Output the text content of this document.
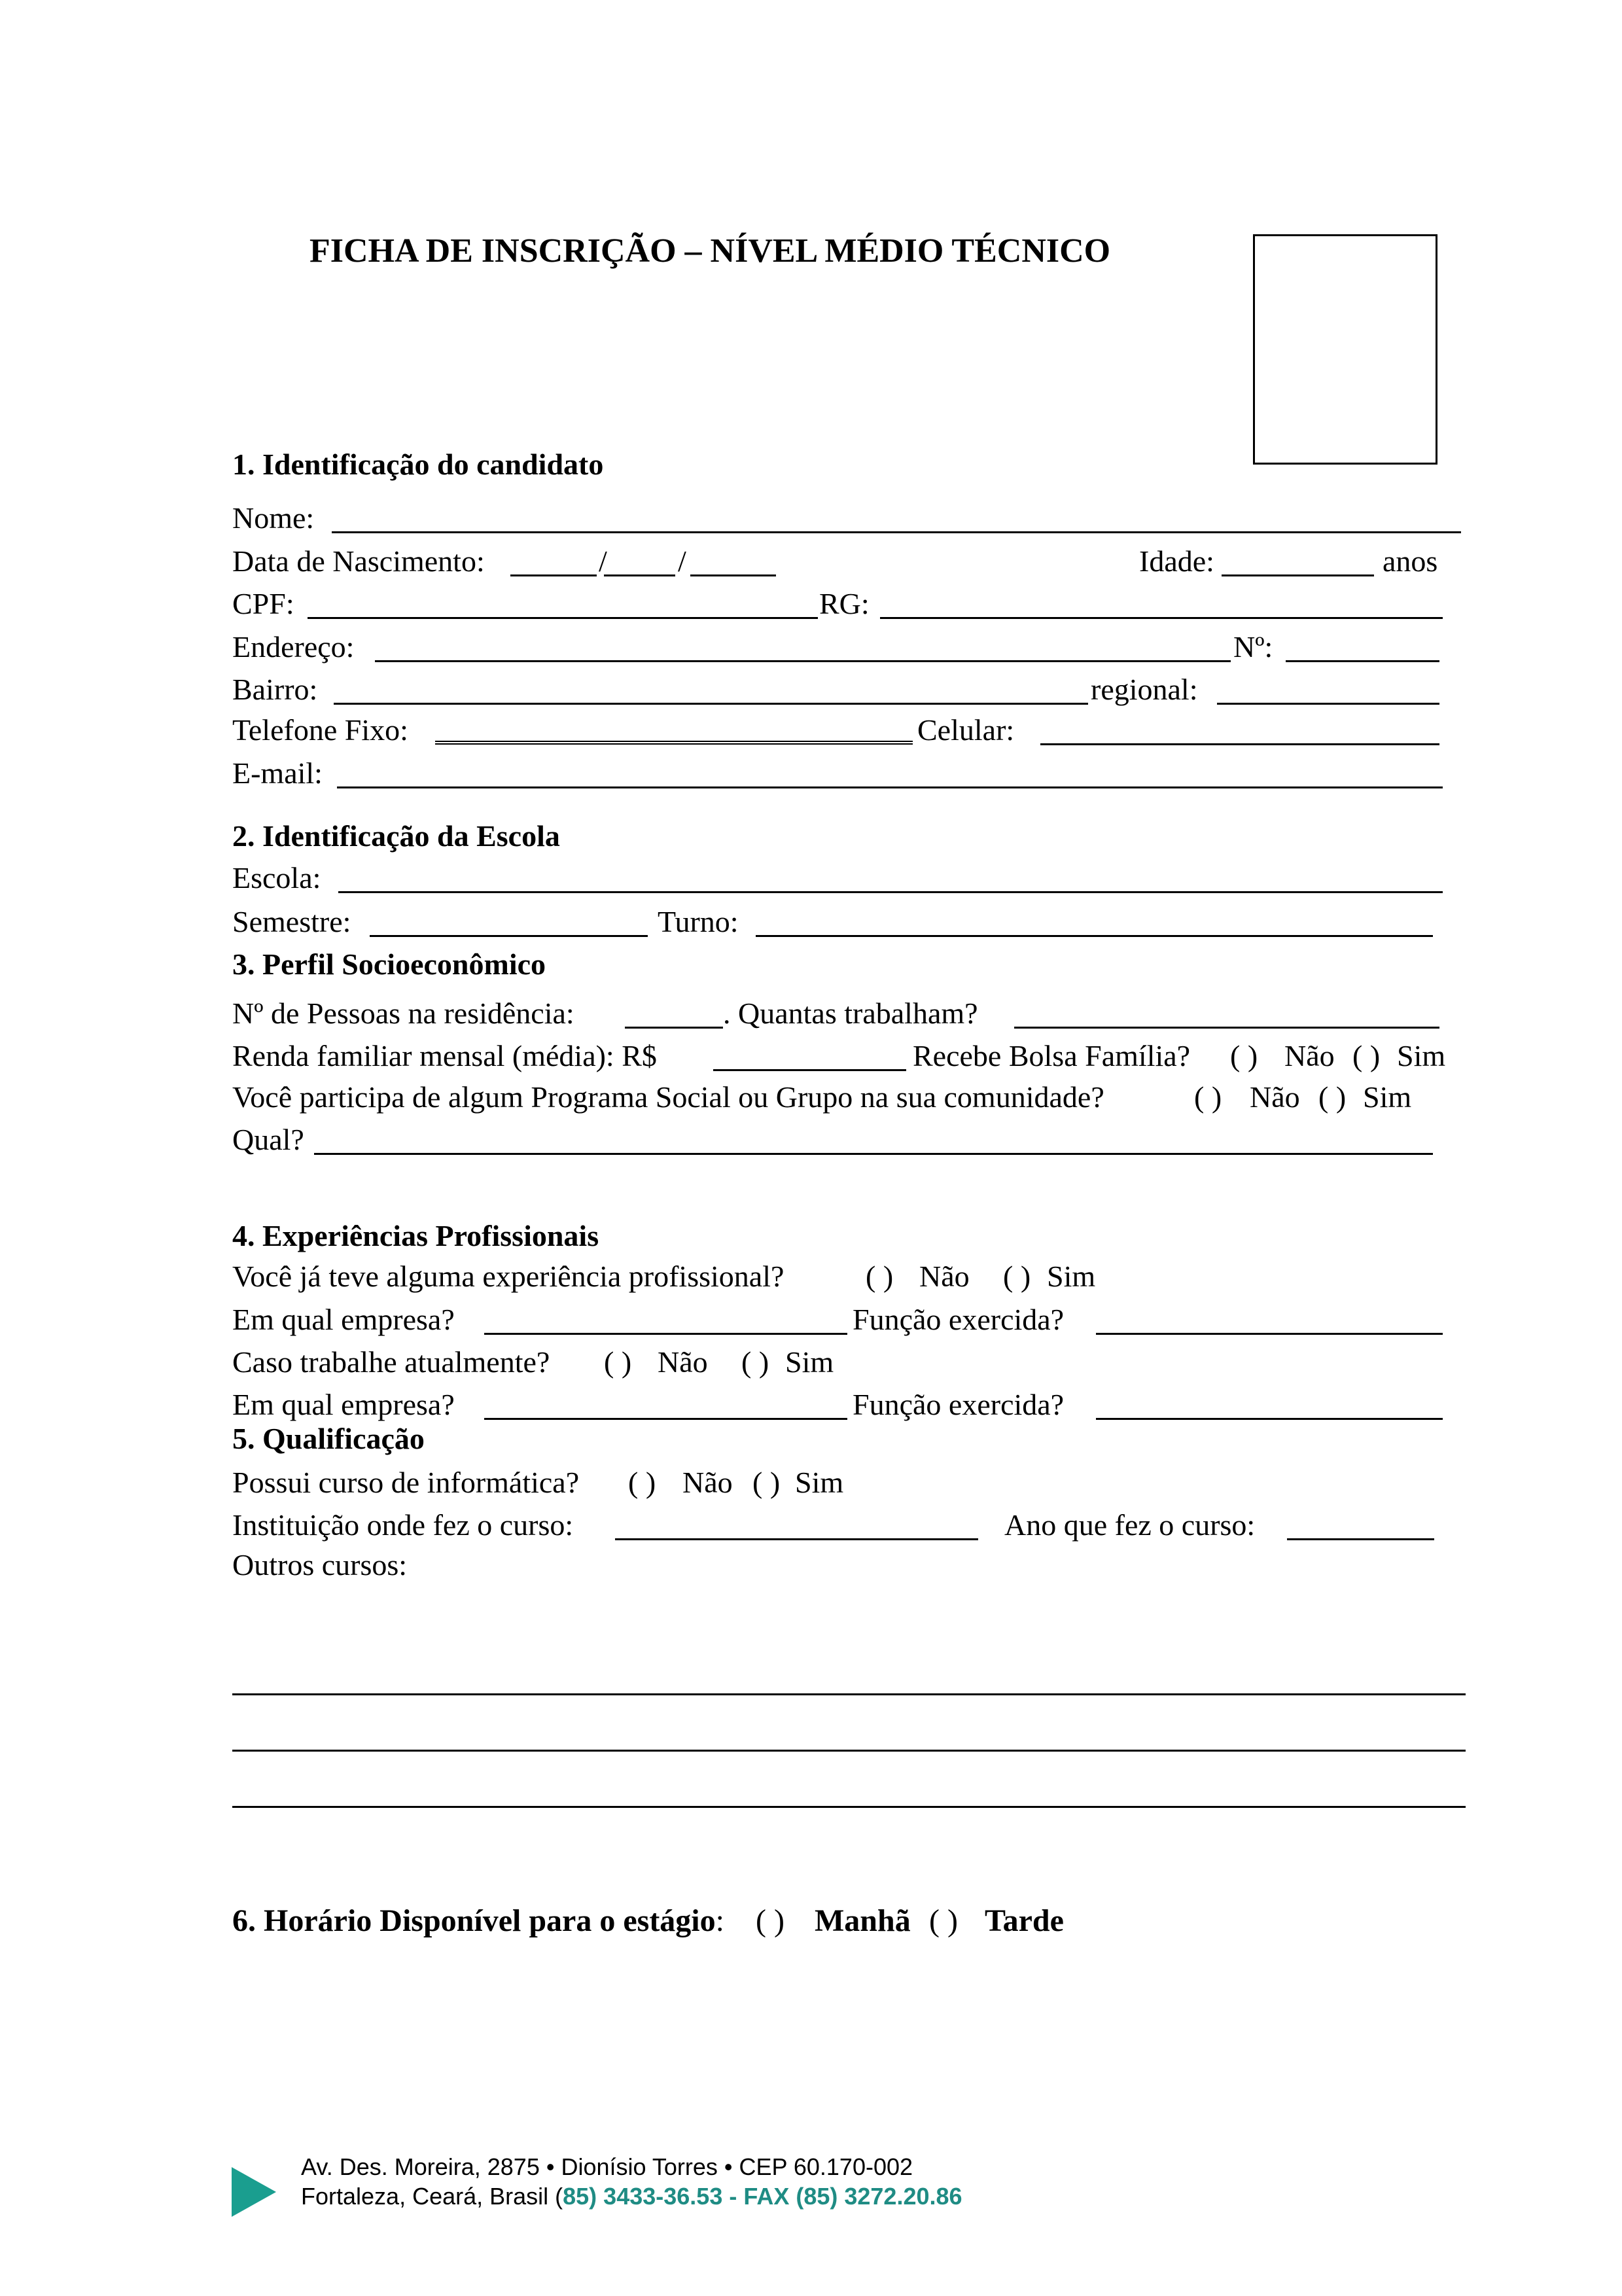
FICHA DE INSCRIÇÃO – NÍVEL MÉDIO TÉCNICO
1. Identificação do candidato
Nome:
Data de Nascimento:	/ /	Idade:	anos
CPF:	RG:
Endereço:	Nº:
Bairro:	regional:
Telefone Fixo:	Celular:
E-mail:
2. Identificação da Escola
Escola:
Semestre:	Turno:
3. Perfil Socioeconômico
Nº de Pessoas na residência:	. Quantas trabalham?
Renda familiar mensal (média): R$	Recebe Bolsa Família? ( ) Não ( ) Sim
Você participa de algum Programa Social ou Grupo na sua comunidade?	( ) Não ( ) Sim
Qual?
4. Experiências Profissionais
Você já teve alguma experiência profissional?	( ) Não ( ) Sim
Em qual empresa?	Função exercida?
Caso trabalhe atualmente? ( ) Não ( ) Sim
Em qual empresa?	Função exercida?
5. Qualificação
Possui curso de informática? ( ) Não ( ) Sim
Instituição onde fez o curso:	Ano que fez o curso:
Outros cursos:
6. Horário Disponível para o estágio: ( ) Manhã ( ) Tarde
Av. Des. Moreira, 2875 • Dionísio Torres • CEP 60.170-002
Fortaleza, Ceará, Brasil (85) 3433-36.53 - FAX (85) 3272.20.86
